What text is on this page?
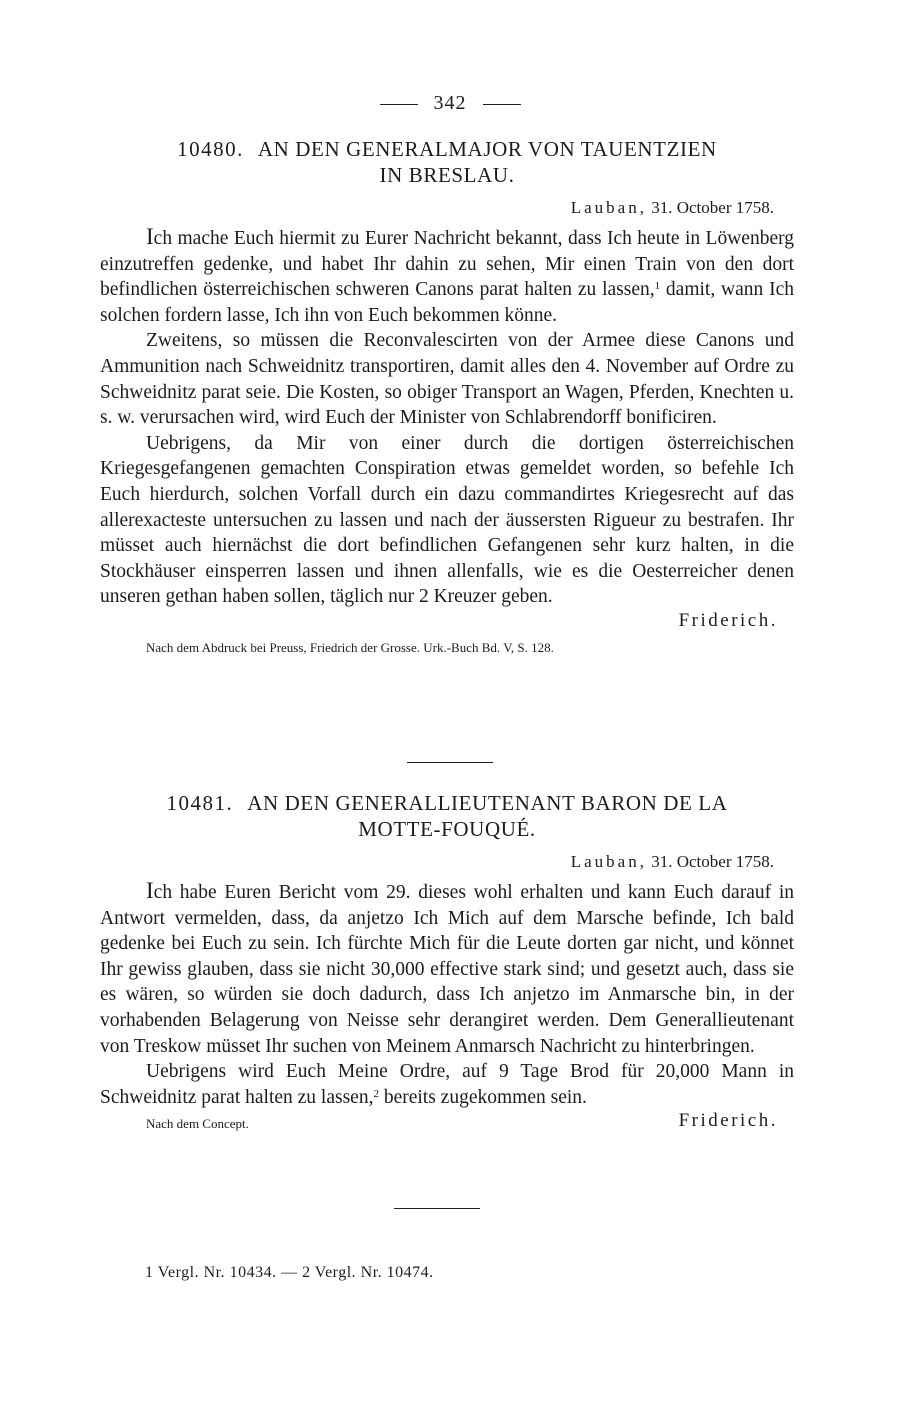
342
10480. AN DEN GENERALMAJOR VON TAUENTZIEN
IN BRESLAU.
Lauban, 31. October 1758.

Ich mache Euch hiermit zu Eurer Nachricht bekannt, dass Ich heute in Löwenberg einzutreffen gedenke, und habet Ihr dahin zu sehen, Mir einen Train von den dort befindlichen österreichischen schweren Canons parat halten zu lassen,$^1$ damit, wann Ich solchen fordern lasse, Ich ihn von Euch bekommen könne.

Zweitens, so müssen die Reconvalescirten von der Armee diese Canons und Ammunition nach Schweidnitz transportiren, damit alles den 4. November auf Ordre zu Schweidnitz parat seie. Die Kosten, so obiger Transport an Wagen, Pferden, Knechten u. s. w. verursachen wird, wird Euch der Minister von Schlabrendorff bonificiren.

Uebrigens, da Mir von einer durch die dortigen österreichischen Kriegesgefangenen gemachten Conspiration etwas gemeldet worden, so befehle Ich Euch hierdurch, solchen Vorfall durch ein dazu commandirtes Kriegesrecht auf das allerexacteste untersuchen zu lassen und nach der äussersten Rigueur zu bestrafen. Ihr müsset auch hiernächst die dort befindlichen Gefangenen sehr kurz halten, in die Stockhäuser einsperren lassen und ihnen allenfalls, wie es die Oesterreicher denen unseren gethan haben sollen, täglich nur 2 Kreuzer geben.

Friderich.
Nach dem Abdruck bei Preuss, Friedrich der Grosse. Urk.-Buch Bd. V, S. 128.
10481. AN DEN GENERALLIEUTENANT BARON DE LA
MOTTE-FOUQUÉ.
Lauban, 31. October 1758.

Ich habe Euren Bericht vom 29. dieses wohl erhalten und kann Euch darauf in Antwort vermelden, dass, da anjetzo Ich Mich auf dem Marsche befinde, Ich bald gedenke bei Euch zu sein. Ich fürchte Mich für die Leute dorten gar nicht, und könnet Ihr gewiss glauben, dass sie nicht 30,000 effective stark sind; und gesetzt auch, dass sie es wären, so würden sie doch dadurch, dass Ich anjetzo im Anmarsche bin, in der vorhabenden Belagerung von Neisse sehr derangiret werden. Dem Generallieutenant von Treskow müsset Ihr suchen von Meinem Anmarsch Nachricht zu hinterbringen.

Uebrigens wird Euch Meine Ordre, auf 9 Tage Brod für 20,000 Mann in Schweidnitz parat halten zu lassen,$^2$ bereits zugekommen sein.

Nach dem Concept.	Friderich.
1 Vergl. Nr. 10434. — 2 Vergl. Nr. 10474.
